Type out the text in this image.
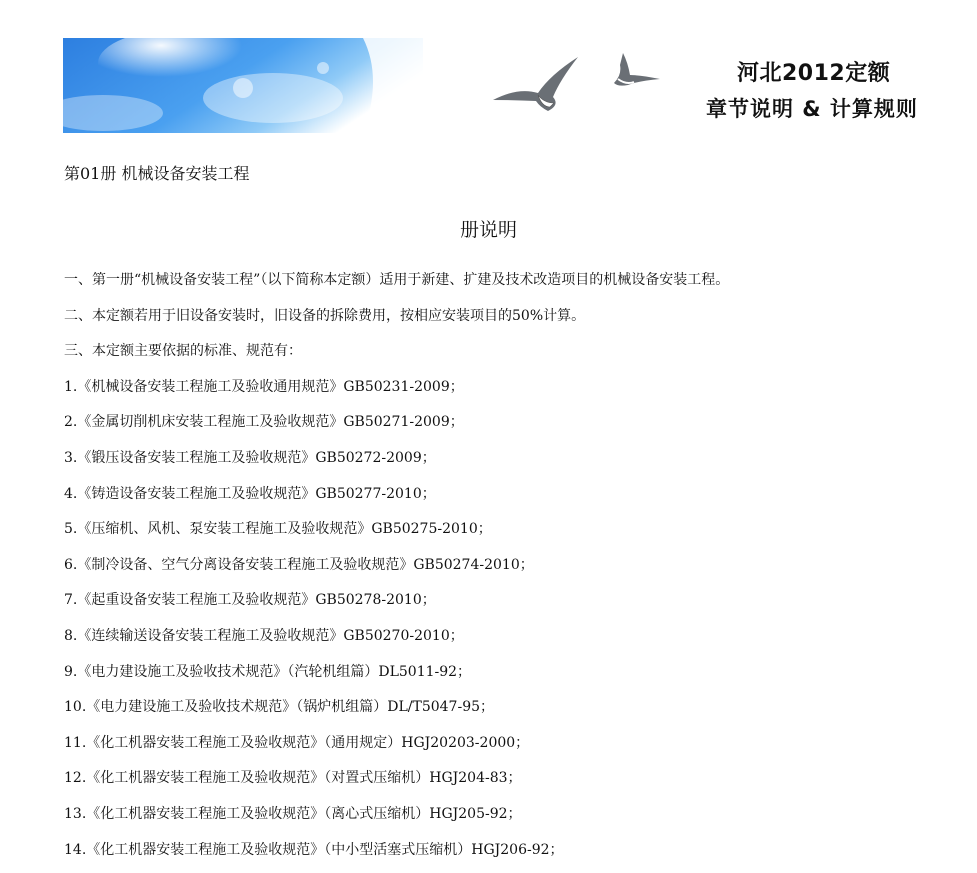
河北2012定额
章节说明 & 计算规则
第01册 机械设备安装工程
册说明
一、第一册“机械设备安装工程”（以下简称本定额）适用于新建、扩建及技术改造项目的机械设备安装工程。
二、本定额若用于旧设备安装时，旧设备的拆除费用，按相应安装项目的50%计算。
三、本定额主要依据的标准、规范有：
1.《机械设备安装工程施工及验收通用规范》GB50231-2009；
2.《金属切削机床安装工程施工及验收规范》GB50271-2009；
3.《锻压设备安装工程施工及验收规范》GB50272-2009；
4.《铸造设备安装工程施工及验收规范》GB50277-2010；
5.《压缩机、风机、泵安装工程施工及验收规范》GB50275-2010；
6.《制冷设备、空气分离设备安装工程施工及验收规范》GB50274-2010；
7.《起重设备安装工程施工及验收规范》GB50278-2010；
8.《连续输送设备安装工程施工及验收规范》GB50270-2010；
9.《电力建设施工及验收技术规范》（汽轮机组篇）DL5011-92；
10.《电力建设施工及验收技术规范》（锅炉机组篇）DL/T5047-95；
11.《化工机器安装工程施工及验收规范》（通用规定）HGJ20203-2000；
12.《化工机器安装工程施工及验收规范》（对置式压缩机）HGJ204-83；
13.《化工机器安装工程施工及验收规范》（离心式压缩机）HGJ205-92；
14.《化工机器安装工程施工及验收规范》（中小型活塞式压缩机）HGJ206-92；
